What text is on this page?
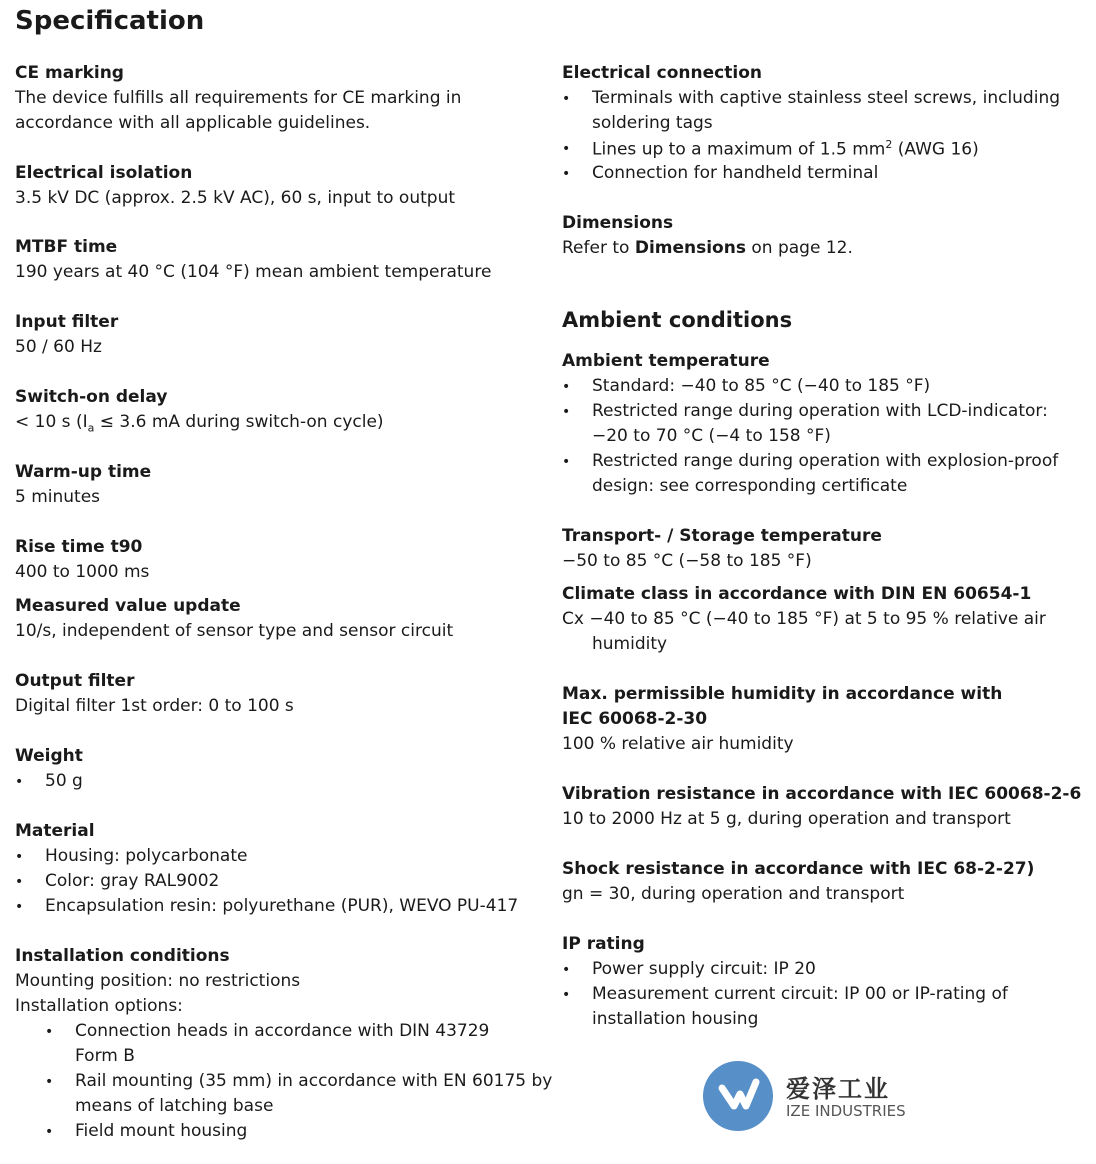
Specification
CE marking
The device fulfills all requirements for CE marking in
accordance with all applicable guidelines.
Electrical isolation
3.5 kV DC (approx. 2.5 kV AC), 60 s, input to output
MTBF time
190 years at 40 °C (104 °F) mean ambient temperature
Input filter
50 / 60 Hz
Switch-on delay
< 10 s ($I_a \le 3.6$ mA during switch-on cycle)
Warm-up time
5 minutes
Rise time t90
400 to 1000 ms
Measured value update
10/s, independent of sensor type and sensor circuit
Output filter
Digital filter 1st order: 0 to 100 s
Weight
• 50 g
Material
• Housing: polycarbonate
• Color: gray RAL9002
• Encapsulation resin: polyurethane (PUR), WEVO PU-417
Installation conditions
Mounting position: no restrictions
Installation options:
• Connection heads in accordance with DIN 43729
Form B
• Rail mounting (35 mm) in accordance with EN 60175 by
means of latching base
• Field mount housing
Electrical connection
• Terminals with captive stainless steel screws, including
soldering tags
• Lines up to a maximum of 1.5 $mm^2$ (AWG 16)
• Connection for handheld terminal
Dimensions
Refer to Dimensions on page 12.
Ambient conditions
Ambient temperature
• Standard: −40 to 85 °C (−40 to 185 °F)
• Restricted range during operation with LCD-indicator:
−20 to 70 °C (−4 to 158 °F)
• Restricted range during operation with explosion-proof
design: see corresponding certificate
Transport- / Storage temperature
−50 to 85 °C (−58 to 185 °F)
Climate class in accordance with DIN EN 60654-1
Cx −40 to 85 °C (−40 to 185 °F) at 5 to 95 % relative air
humidity
Max. permissible humidity in accordance with
IEC 60068-2-30
100 % relative air humidity
Vibration resistance in accordance with IEC 60068-2-6
10 to 2000 Hz at 5 g, during operation and transport
Shock resistance in accordance with IEC 68-2-27)
gn = 30, during operation and transport
IP rating
• Power supply circuit: IP 20
• Measurement current circuit: IP 00 or IP-rating of
installation housing
爱泽工业
IZE INDUSTRIES
